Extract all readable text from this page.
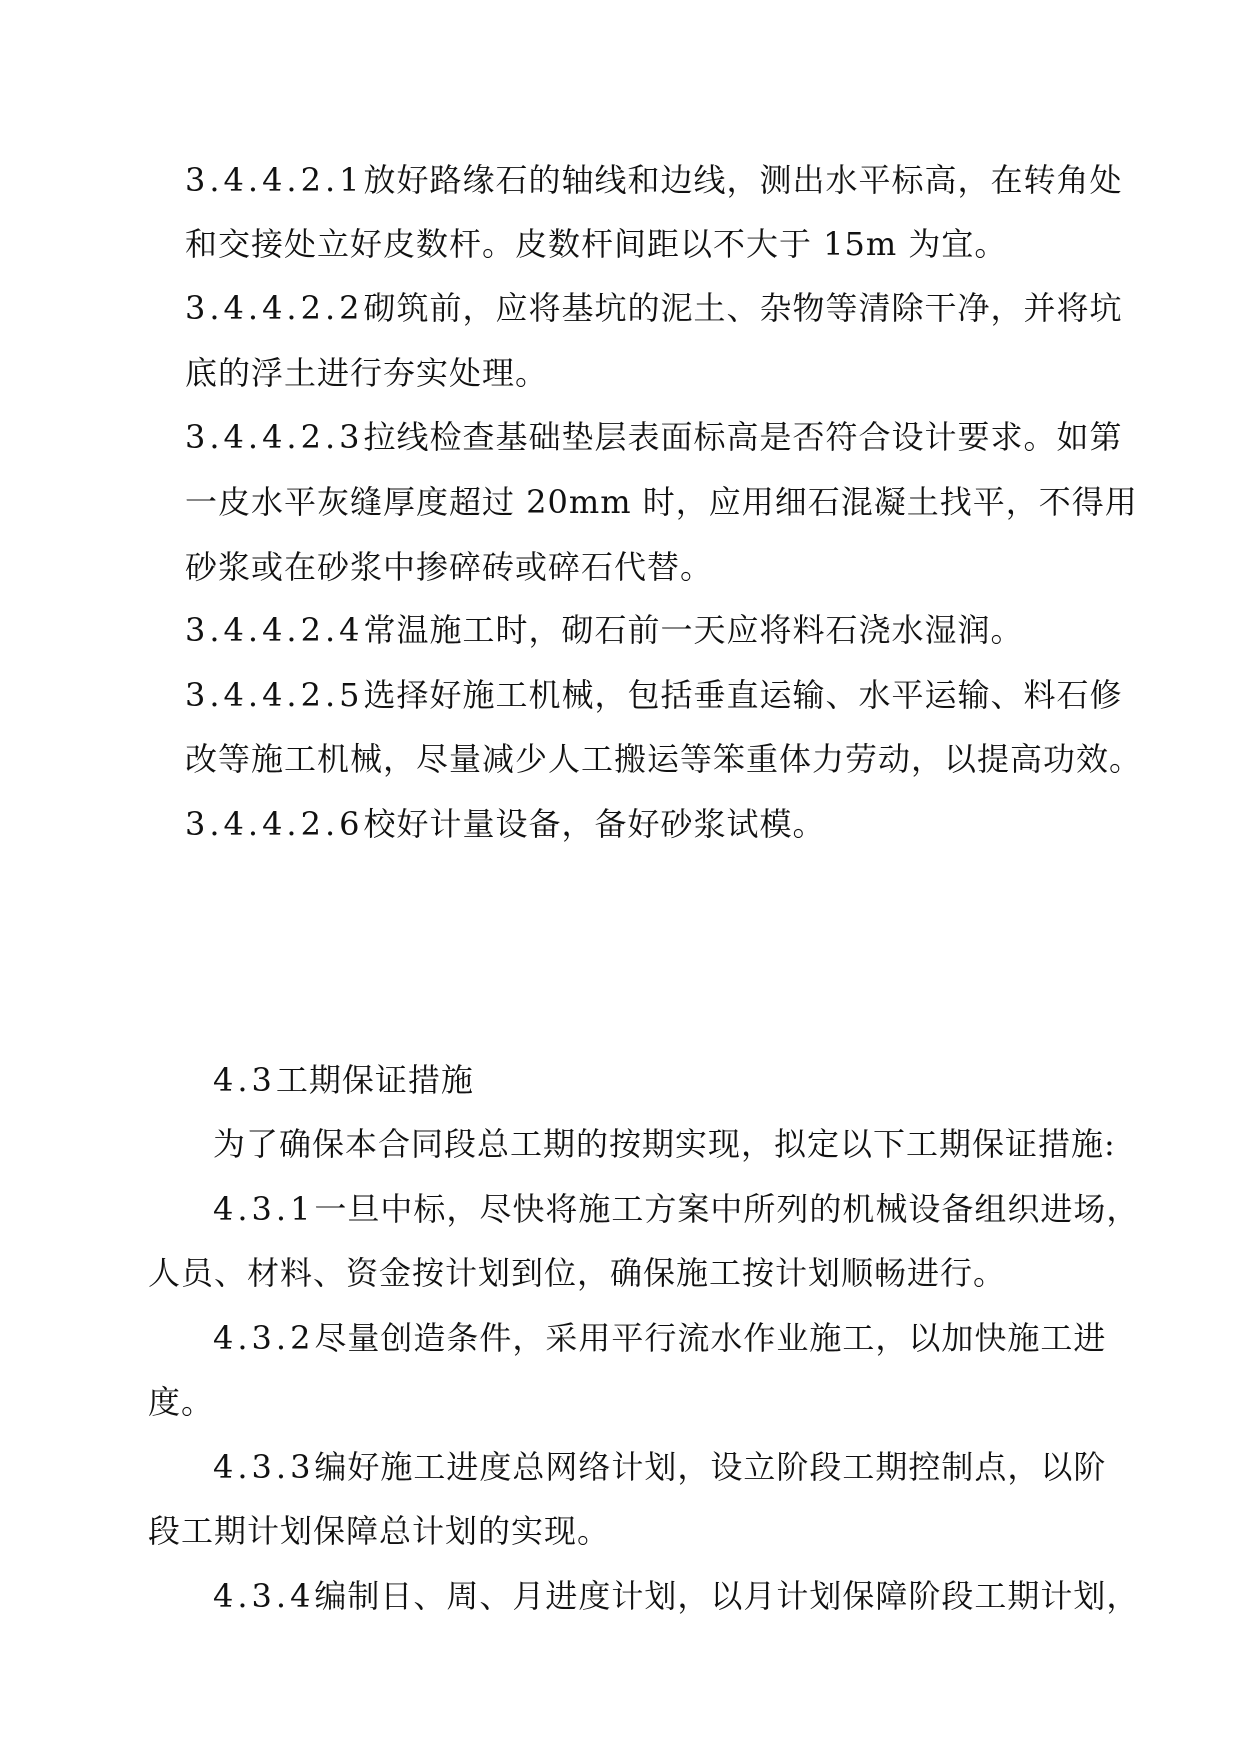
3.4.4.2.1放好路缘石的轴线和边线，测出水平标高，在转角处
和交接处立好皮数杆。皮数杆间距以不大于 15m 为宜。
3.4.4.2.2砌筑前，应将基坑的泥土、杂物等清除干净，并将坑
底的浮土进行夯实处理。
3.4.4.2.3拉线检查基础垫层表面标高是否符合设计要求。如第
一皮水平灰缝厚度超过 20mm 时，应用细石混凝土找平，不得用
砂浆或在砂浆中掺碎砖或碎石代替。
3.4.4.2.4常温施工时，砌石前一天应将料石浇水湿润。
3.4.4.2.5选择好施工机械，包括垂直运输、水平运输、料石修
改等施工机械，尽量减少人工搬运等笨重体力劳动，以提高功效。
3.4.4.2.6校好计量设备，备好砂浆试模。
4.3工期保证措施
为了确保本合同段总工期的按期实现，拟定以下工期保证措施:
4.3.1一旦中标，尽快将施工方案中所列的机械设备组织进场，
人员、材料、资金按计划到位，确保施工按计划顺畅进行。
4.3.2尽量创造条件，采用平行流水作业施工，以加快施工进
度。
4.3.3编好施工进度总网络计划，设立阶段工期控制点，以阶
段工期计划保障总计划的实现。
4.3.4编制日、周、月进度计划，以月计划保障阶段工期计划，
